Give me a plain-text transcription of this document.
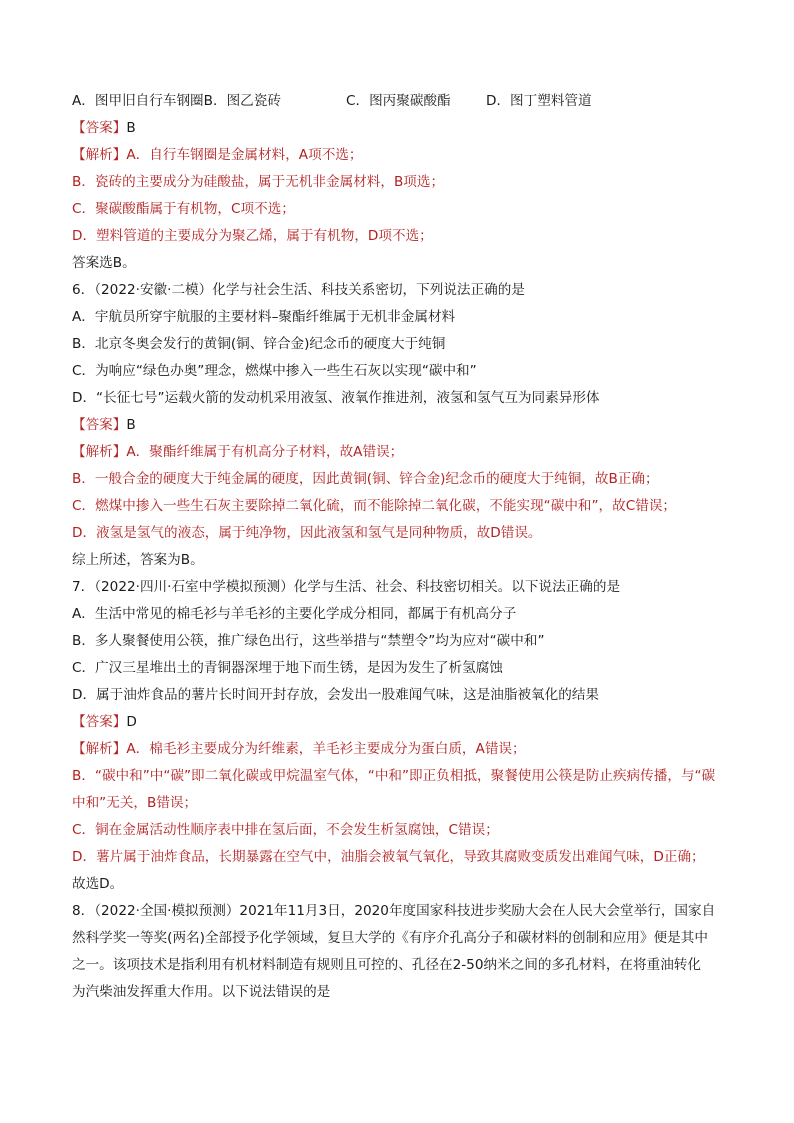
A．图甲旧自行车钢圈B．图乙瓷砖	C．图丙聚碳酸酯	D．图丁塑料管道
【答案】B
【解析】A．自行车钢圈是金属材料，A项不选；
B．瓷砖的主要成分为硅酸盐，属于无机非金属材料，B项选；
C．聚碳酸酯属于有机物，C项不选；
D．塑料管道的主要成分为聚乙烯，属于有机物，D项不选；
答案选B。
6．（2022·安徽·二模）化学与社会生活、科技关系密切，下列说法正确的是
A．宇航员所穿宇航服的主要材料–聚酯纤维属于无机非金属材料
B．北京冬奥会发行的黄铜(铜、锌合金)纪念币的硬度大于纯铜
C．为响应“绿色办奥”理念，燃煤中掺入一些生石灰以实现“碳中和”
D．“长征七号”运载火箭的发动机采用液氢、液氧作推进剂，液氢和氢气互为同素异形体
【答案】B
【解析】A．聚酯纤维属于有机高分子材料，故A错误；
B．一般合金的硬度大于纯金属的硬度，因此黄铜(铜、锌合金)纪念币的硬度大于纯铜，故B正确；
C．燃煤中掺入一些生石灰主要除掉二氧化硫，而不能除掉二氧化碳，不能实现“碳中和”，故C错误；
D．液氢是氢气的液态，属于纯净物，因此液氢和氢气是同种物质，故D错误。
综上所述，答案为B。
7．（2022·四川·石室中学模拟预测）化学与生活、社会、科技密切相关。以下说法正确的是
A．生活中常见的棉毛衫与羊毛衫的主要化学成分相同，都属于有机高分子
B．多人聚餐使用公筷，推广绿色出行，这些举措与“禁塑令”均为应对“碳中和”
C．广汉三星堆出土的青铜器深埋于地下而生锈，是因为发生了析氢腐蚀
D．属于油炸食品的薯片长时间开封存放，会发出一股难闻气味，这是油脂被氧化的结果
【答案】D
【解析】A．棉毛衫主要成分为纤维素，羊毛衫主要成分为蛋白质，A错误；
B．“碳中和”中“碳”即二氧化碳或甲烷温室气体，“中和”即正负相抵，聚餐使用公筷是防止疾病传播，与“碳
中和”无关，B错误；
C．铜在金属活动性顺序表中排在氢后面，不会发生析氢腐蚀，C错误；
D．薯片属于油炸食品，长期暴露在空气中，油脂会被氧气氧化，导致其腐败变质发出难闻气味，D正确；
故选D。
8．（2022·全国·模拟预测）2021年11月3日，2020年度国家科技进步奖励大会在人民大会堂举行，国家自
然科学奖一等奖(两名)全部授予化学领域，复旦大学的《有序介孔高分子和碳材料的创制和应用》便是其中
之一。该项技术是指利用有机材料制造有规则且可控的、孔径在2-50纳米之间的多孔材料，在将重油转化
为汽柴油发挥重大作用。以下说法错误的是
